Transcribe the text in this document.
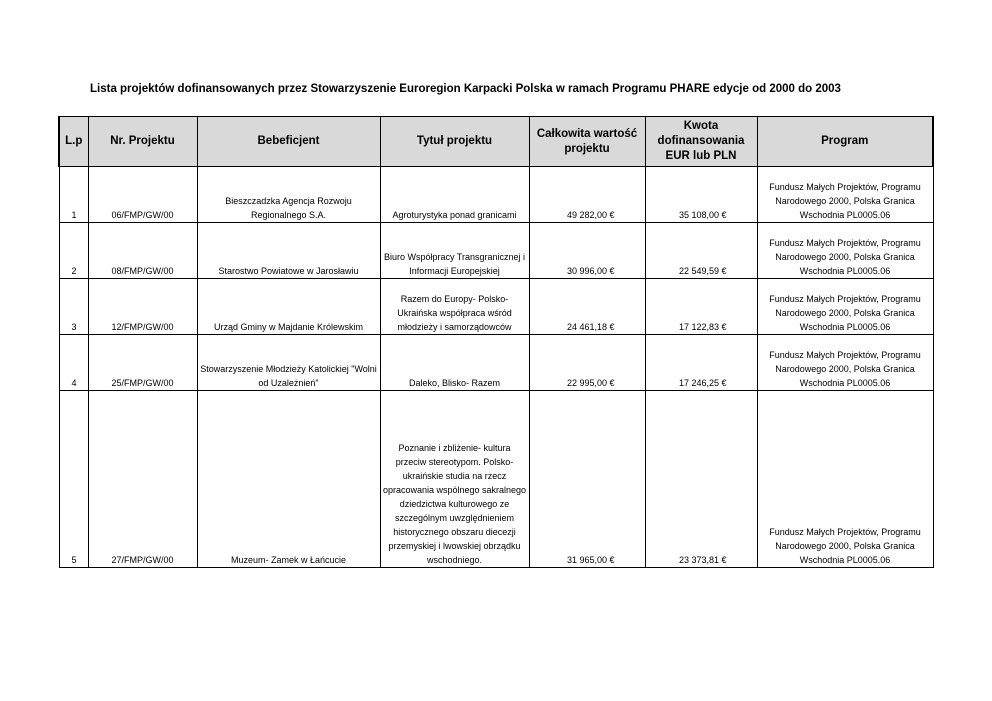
Lista projektów dofinansowanych przez Stowarzyszenie Euroregion Karpacki Polska w ramach Programu PHARE edycje od 2000 do 2003
L.p	Nr. Projektu	Bebeficjent	Tytuł projektu	Całkowita wartość projektu	Kwota dofinansowania EUR lub PLN	Program
1	06/FMP/GW/00	Bieszczadzka Agencja Rozwoju Regionalnego S.A.	Agroturystyka ponad granicami	49 282,00 €	35 108,00 €	Fundusz Małych Projektów, Programu Narodowego 2000, Polska Granica Wschodnia PL0005.06
2	08/FMP/GW/00	Starostwo Powiatowe w Jarosławiu	Biuro Współpracy Transgranicznej i Informacji Europejskiej	30 996,00 €	22 549,59 €	Fundusz Małych Projektów, Programu Narodowego 2000, Polska Granica Wschodnia PL0005.06
3	12/FMP/GW/00	Urząd Gminy w Majdanie Królewskim	Razem do Europy- Polsko-Ukraińska współpraca wśród młodzieży i samorządowców	24 461,18 €	17 122,83 €	Fundusz Małych Projektów, Programu Narodowego 2000, Polska Granica Wschodnia PL0005.06
4	25/FMP/GW/00	Stowarzyszenie Młodzieży Katolickiej "Wolni od Uzależnień"	Daleko, Blisko- Razem	22 995,00 €	17 246,25 €	Fundusz Małych Projektów, Programu Narodowego 2000, Polska Granica Wschodnia PL0005.06
5	27/FMP/GW/00	Muzeum- Zamek w Łańcucie	Poznanie i zbliżenie- kultura przeciw stereotypom. Polsko-ukraińskie studia na rzecz opracowania wspólnego sakralnego dziedzictwa kulturowego ze szczególnym uwzględnieniem historycznego obszaru diecezji przemyskiej i lwowskiej obrządku wschodniego.	31 965,00 €	23 373,81 €	Fundusz Małych Projektów, Programu Narodowego 2000, Polska Granica Wschodnia PL0005.06
